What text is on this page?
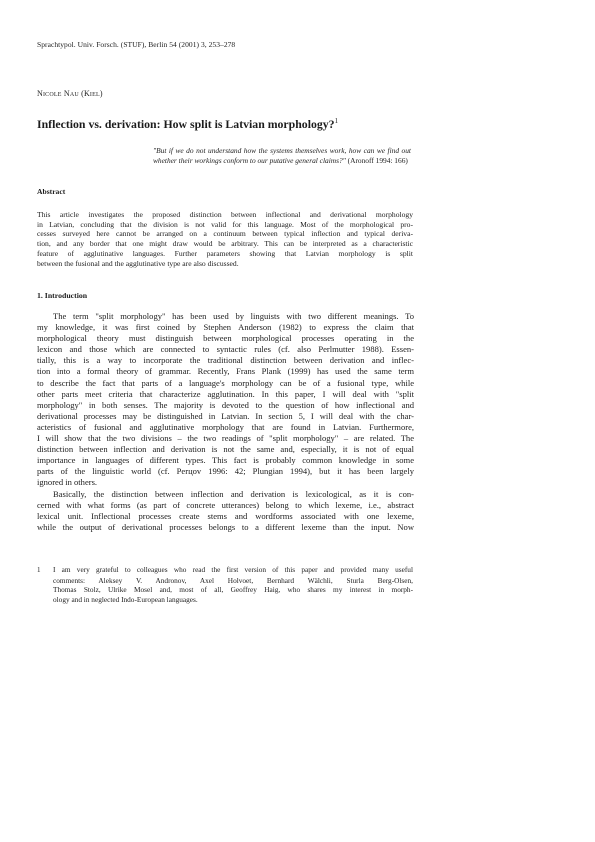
Sprachtypol. Univ. Forsch. (STUF), Berlin 54 (2001) 3, 253–278
Nicole Nau (Kiel)
Inflection vs. derivation: How split is Latvian morphology?$^1$
"But if we do not understand how the systems themselves work, how can we find out whether their workings conform to our putative general claims?" (Aronoff 1994: 166)
Abstract
This article investigates the proposed distinction between inflectional and derivational morphology
in Latvian, concluding that the division is not valid for this language. Most of the morphological pro-
cesses surveyed here cannot be arranged on a continuum between typical inflection and typical deriva-
tion, and any border that one might draw would be arbitrary. This can be interpreted as a characteristic
feature of agglutinative languages. Further parameters showing that Latvian morphology is split
between the fusional and the agglutinative type are also discussed.
1. Introduction
The term "split morphology" has been used by linguists with two different meanings. To
my knowledge, it was first coined by Stephen Anderson (1982) to express the claim that
morphological theory must distinguish between morphological processes operating in the
lexicon and those which are connected to syntactic rules (cf. also Perlmutter 1988). Essen-
tially, this is a way to incorporate the traditional distinction between derivation and inflec-
tion into a formal theory of grammar. Recently, Frans Plank (1999) has used the same term
to describe the fact that parts of a language's morphology can be of a fusional type, while
other parts meet criteria that characterize agglutination. In this paper, I will deal with "split
morphology" in both senses. The majority is devoted to the question of how inflectional and
derivational processes may be distinguished in Latvian. In section 5, I will deal with the char-
acteristics of fusional and agglutinative morphology that are found in Latvian. Furthermore,
I will show that the two divisions – the two readings of "split morphology" – are related. The
distinction between inflection and derivation is not the same and, especially, it is not of equal
importance in languages of different types. This fact is probably common knowledge in some
parts of the linguistic world (cf. Perцov 1996: 42; Plungian 1994), but it has been largely
ignored in others.
Basically, the distinction between inflection and derivation is lexicological, as it is con-
cerned with what forms (as part of concrete utterances) belong to which lexeme, i.e., abstract
lexical unit. Inflectional processes create stems and wordforms associated with one lexeme,
while the output of derivational processes belongs to a different lexeme than the input. Now
1 I am very grateful to colleagues who read the first version of this paper and provided many useful
comments: Aleksey V. Andronov, Axel Holvoet, Bernhard Wälchli, Sturla Berg-Olsen,
Thomas Stolz, Ulrike Mosel and, most of all, Geoffrey Haig, who shares my interest in morph-
ology and in neglected Indo-European languages.
